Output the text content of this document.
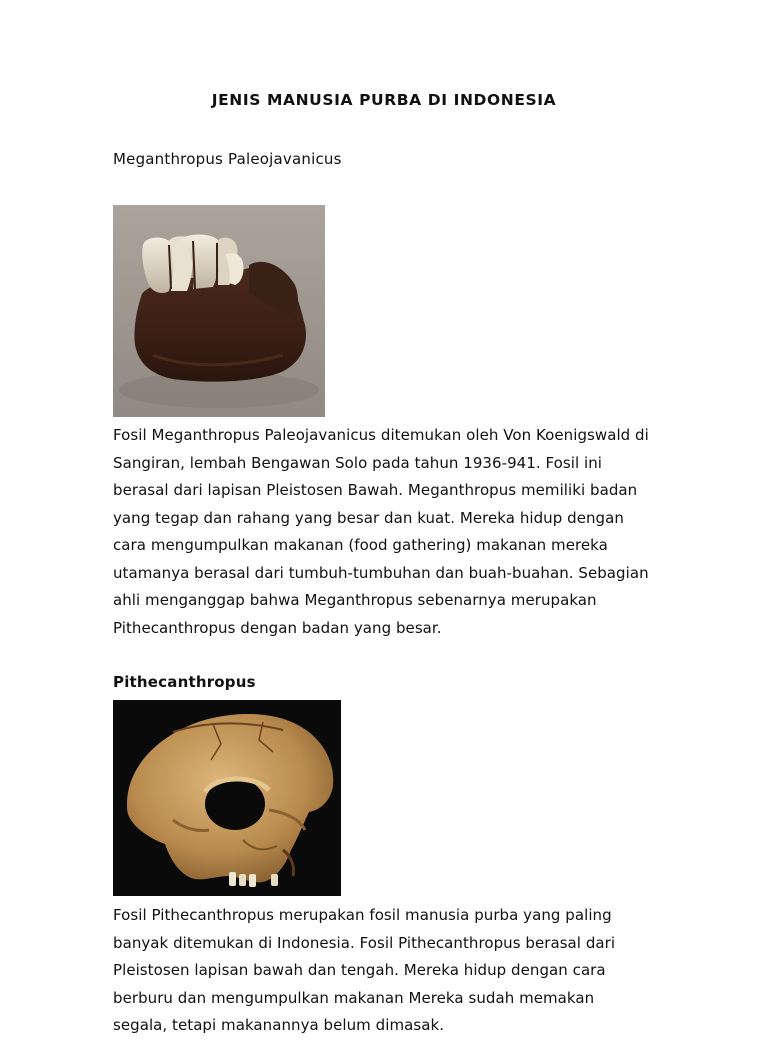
JENIS MANUSIA PURBA DI INDONESIA
Meganthropus Paleojavanicus

Fosil Meganthropus Paleojavanicus ditemukan oleh Von Koenigswald di
Sangiran, lembah Bengawan Solo pada tahun 1936-941. Fosil ini
berasal dari lapisan Pleistosen Bawah. Meganthropus memiliki badan
yang tegap dan rahang yang besar dan kuat. Mereka hidup dengan
cara mengumpulkan makanan (food gathering) makanan mereka
utamanya berasal dari tumbuh-tumbuhan dan buah-buahan. Sebagian
ahli menganggap bahwa Meganthropus sebenarnya merupakan
Pithecanthropus dengan badan yang besar.

Pithecanthropus

Fosil Pithecanthropus merupakan fosil manusia purba yang paling
banyak ditemukan di Indonesia. Fosil Pithecanthropus berasal dari
Pleistosen lapisan bawah dan tengah. Mereka hidup dengan cara
berburu dan mengumpulkan makanan Mereka sudah memakan
segala, tetapi makanannya belum dimasak.
